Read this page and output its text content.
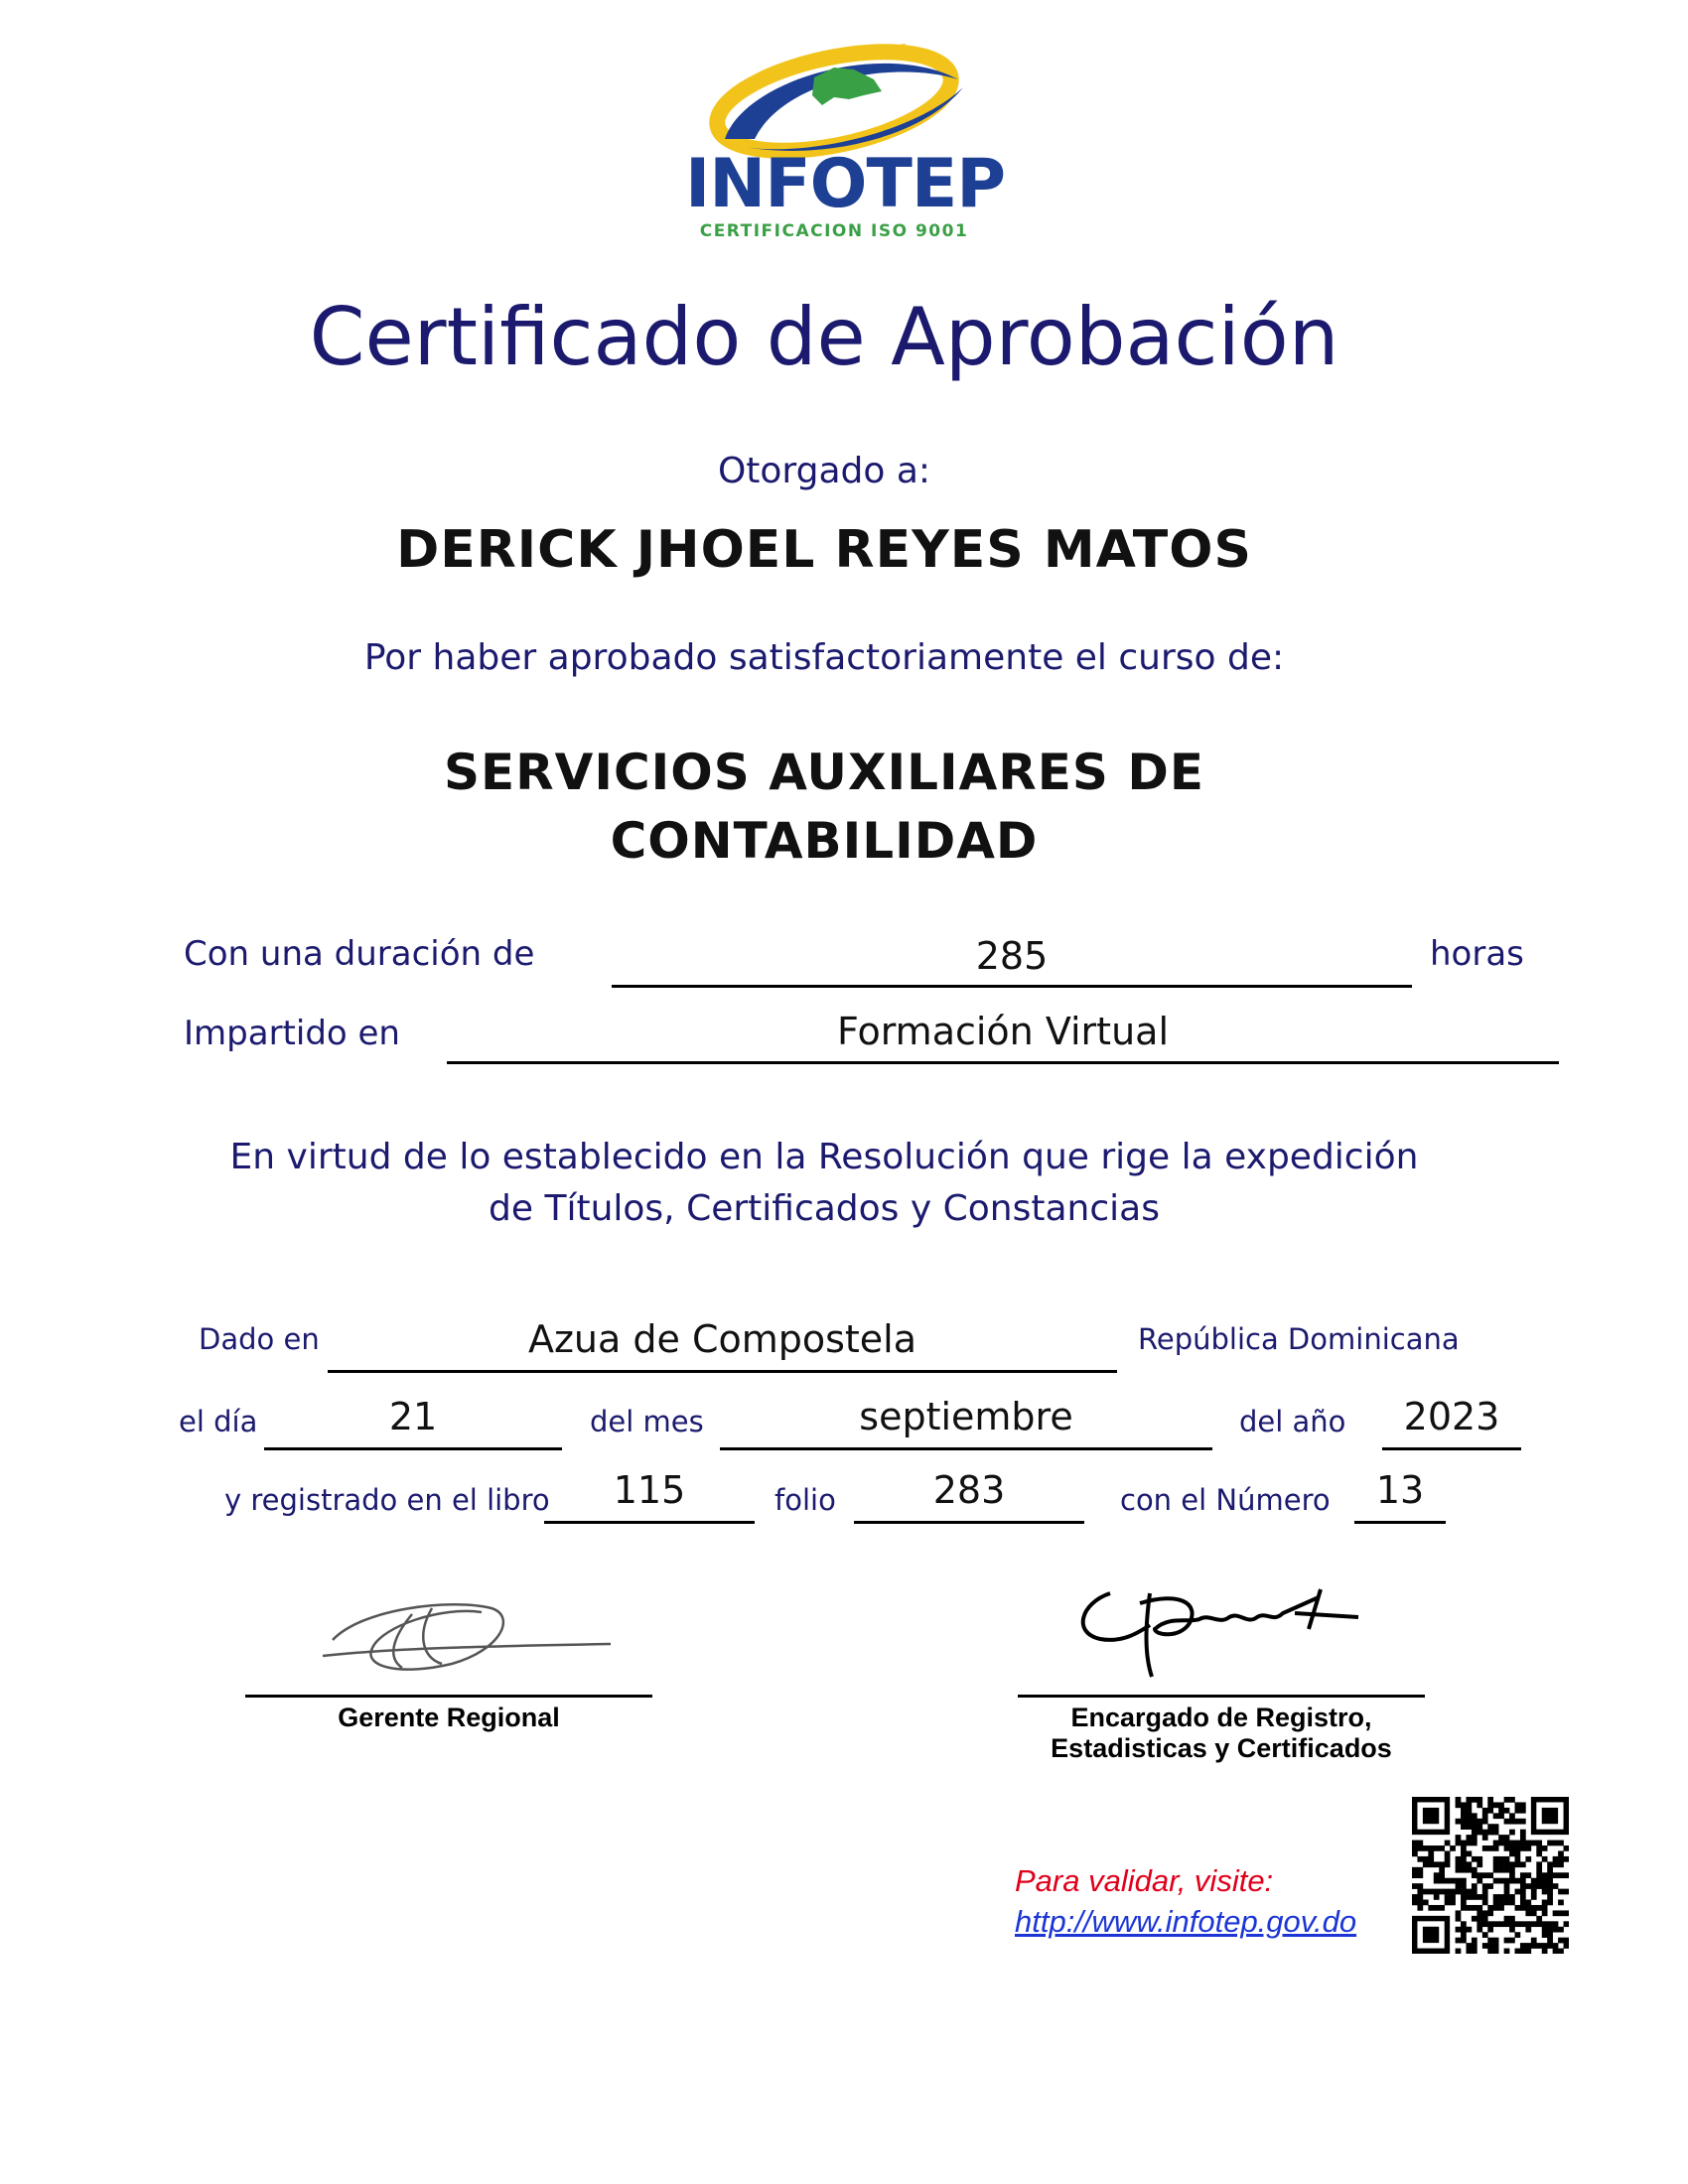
INFOTEP
CERTIFICACION ISO 9001
Certificado de Aprobación
Otorgado a:
DERICK JHOEL REYES MATOS
Por haber aprobado satisfactoriamente el curso de:
SERVICIOS AUXILIARES DE
CONTABILIDAD
Con una duración de	285	horas
Impartido en	Formación Virtual
En virtud de lo establecido en la Resolución que rige la expedición
de Títulos, Certificados y Constancias
Dado en	Azua de Compostela	República Dominicana
el día	21	del mes	septiembre	del año	2023
y registrado en el libro	115	folio	283	con el Número	13
Gerente Regional	Encargado de Registro,
Estadisticas y Certificados
Para validar, visite:
http://www.infotep.gov.do
